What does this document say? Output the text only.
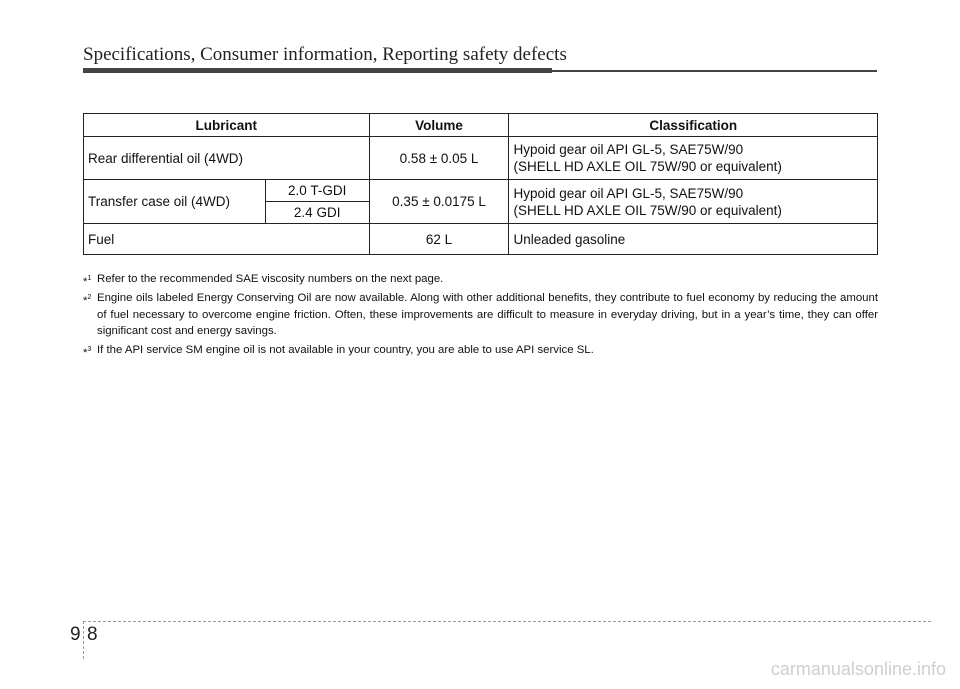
Specifications, Consumer information, Reporting safety defects
Lubricant		Volume	Classification
Rear differential oil (4WD)		0.58 ± 0.05 L	Hypoid gear oil API GL-5, SAE75W/90
(SHELL HD AXLE OIL 75W/90 or equivalent)

Transfer case oil (4WD)	2.0 T-GDI	0.35 ± 0.0175 L	Hypoid gear oil API GL-5, SAE75W/90
(SHELL HD AXLE OIL 75W/90 or equivalent)

	2.4 GDI		
Fuel		62 L	Unleaded gasoline
*$^1$ Refer to the recommended SAE viscosity numbers on the next page.
*$^2$ Engine oils labeled Energy Conserving Oil are now available. Along with other additional benefits, they contribute to fuel economy by reducing the amount of fuel necessary to overcome engine friction. Often, these improvements are difficult to measure in everyday driving, but in a year’s time, they can offer significant cost and energy savings.
*$^3$ If the API service SM engine oil is not available in your country, you are able to use API service SL.
9 8
carmanualsonline.info
